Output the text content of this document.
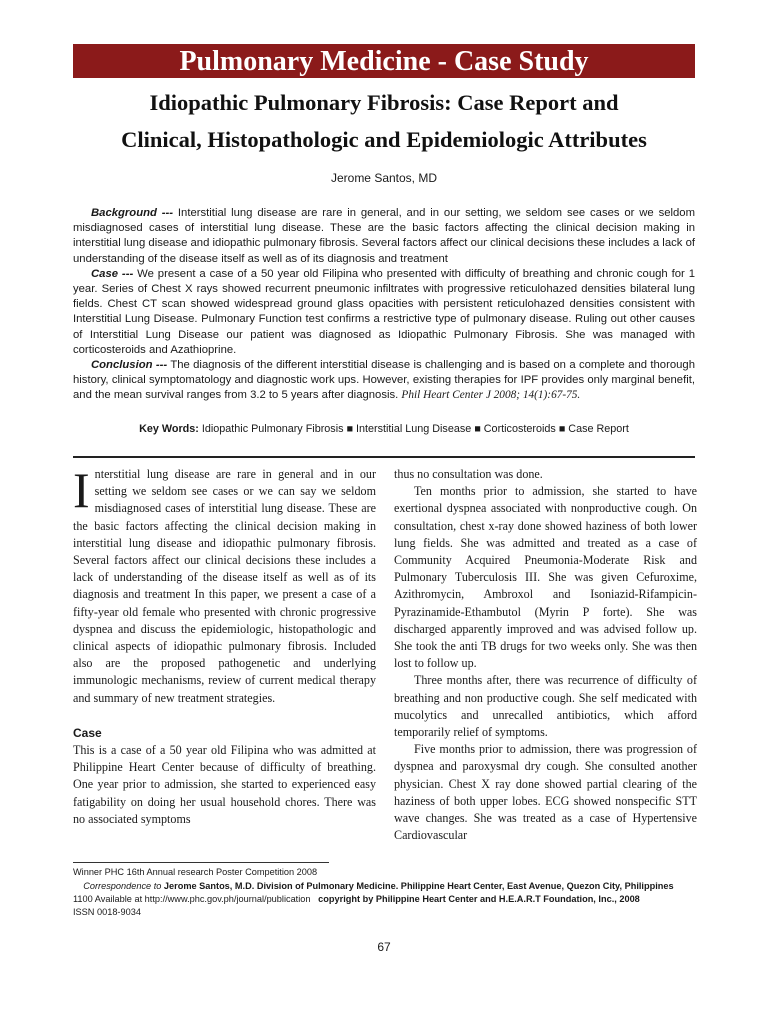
Pulmonary Medicine - Case Study
Idiopathic Pulmonary Fibrosis: Case Report and
Clinical, Histopathologic and Epidemiologic Attributes
Jerome Santos, MD

Background --- Interstitial lung disease are rare in general, and in our setting, we seldom see cases or we seldom misdiagnosed cases of interstitial lung disease. These are the basic factors affecting the clinical decision making in interstitial lung disease and idiopathic pulmonary fibrosis. Several factors affect our clinical decisions these includes a lack of understanding of the disease itself as well as of its diagnosis and treatment

Case --- We present a case of a 50 year old Filipina who presented with difficulty of breathing and chronic cough for 1 year. Series of Chest X rays showed recurrent pneumonic infiltrates with progressive reticulohazed densities bilateral lung fields. Chest CT scan showed widespread ground glass opacities with persistent reticulohazed densities consistent with Interstitial Lung Disease. Pulmonary Function test confirms a restrictive type of pulmonary disease. Ruling out other causes of Interstitial Lung Disease our patient was diagnosed as Idiopathic Pulmonary Fibrosis. She was managed with corticosteroids and Azathioprine.

Conclusion --- The diagnosis of the different interstitial disease is challenging and is based on a complete and thorough history, clinical symptomatology and diagnostic work ups. However, existing therapies for IPF provides only marginal benefit, and the mean survival ranges from 3.2 to 5 years after diagnosis. Phil Heart Center J 2008; 14(1):67-75.

Key Words: Idiopathic Pulmonary Fibrosis ■ Interstitial Lung Disease ■ Corticosteroids ■ Case Report

Interstitial lung disease are rare in general and in our setting we seldom see cases or we can say we seldom misdiagnosed cases of interstitial lung disease. These are the basic factors affecting the clinical decision making in interstitial lung disease and idiopathic pulmonary fibrosis. Several factors affect our clinical decisions these includes a lack of understanding of the disease itself as well as of its diagnosis and treatment In this paper, we present a case of a fifty-year old female who presented with chronic progressive dyspnea and discuss the epidemiologic, histopathologic and clinical aspects of idiopathic pulmonary fibrosis. Included also are the proposed pathogenetic and underlying immunologic mechanisms, review of current medical therapy and summary of new treatment strategies.

Case

This is a case of a 50 year old Filipina who was admitted at Philippine Heart Center because of difficulty of breathing. One year prior to admission, she started to experienced easy fatigability on doing her usual household chores. There was no associated symptoms

thus no consultation was done.

Ten months prior to admission, she started to have exertional dyspnea associated with nonproductive cough. On consultation, chest x-ray done showed haziness of both lower lung fields. She was admitted and treated as a case of Community Acquired Pneumonia-Moderate Risk and Pulmonary Tuberculosis III. She was given Cefuroxime, Azithromycin, Ambroxol and Isoniazid-Rifampicin-Pyrazinamide-Ethambutol (Myrin P forte). She was discharged apparently improved and was advised follow up. She took the anti TB drugs for two weeks only. She was then lost to follow up.

Three months after, there was recurrence of difficulty of breathing and non productive cough. She self medicated with mucolytics and unrecalled antibiotics, which afford temporarily relief of symptoms.

Five months prior to admission, there was progression of dyspnea and paroxysmal dry cough. She consulted another physician. Chest X ray done showed partial clearing of the haziness of both upper lobes. ECG showed nonspecific STT wave changes. She was treated as a case of Hypertensive Cardiovascular

Winner PHC 16th Annual research Poster Competition 2008
Correspondence to Jerome Santos, M.D. Division of Pulmonary Medicine. Philippine Heart Center, East Avenue, Quezon City, Philippines
1100 Available at http://www.phc.gov.ph/journal/publication copyright by Philippine Heart Center and H.E.A.R.T Foundation, Inc., 2008
ISSN 0018-9034
67
